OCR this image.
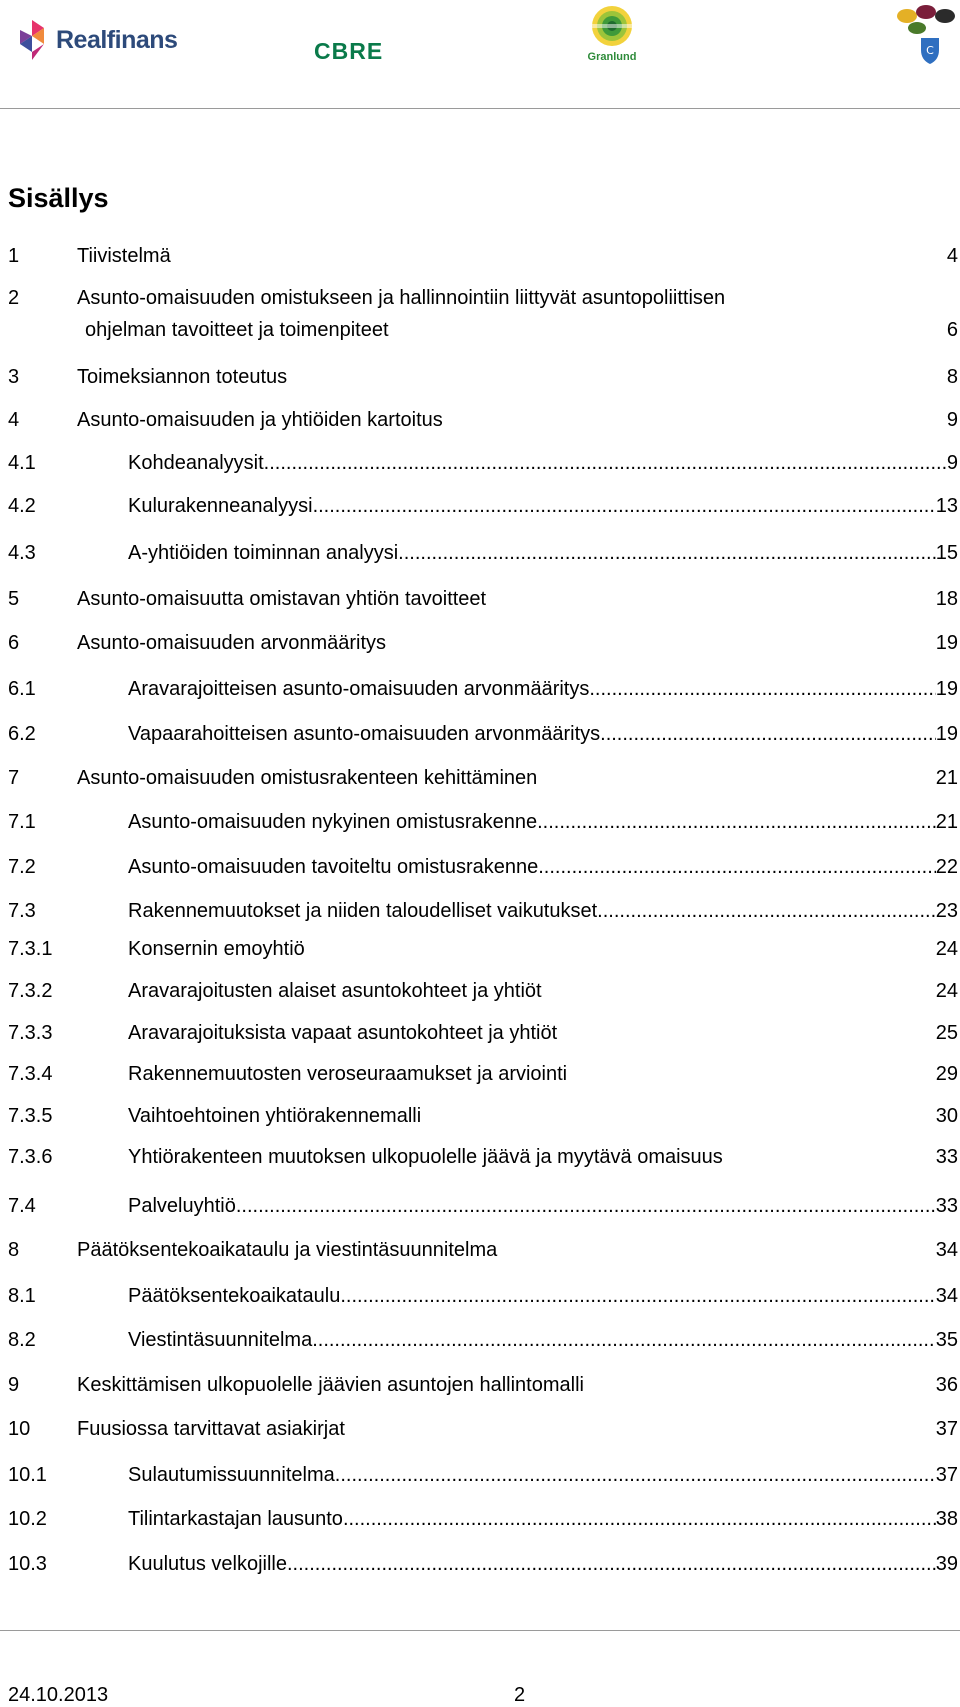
Realfinans	CBRE	Granlund	C
Sisällys
1	Tiivistelmä	4
2	Asunto-omaisuuden omistukseen ja hallinnointiin liittyvät asuntopoliittisen
ohjelman tavoitteet ja toimenpiteet	6
3	Toimeksiannon toteutus	8
4	Asunto-omaisuuden ja yhtiöiden kartoitus	9
4.1	Kohdeanalyysit .....	9
4.2	Kulurakenneanalyysi .....	13
4.3	A-yhtiöiden toiminnan analyysi .....	15
5	Asunto-omaisuutta omistavan yhtiön tavoitteet	18
6	Asunto-omaisuuden arvonmääritys	19
6.1	Aravarajoitteisen asunto-omaisuuden arvonmääritys .....	19
6.2	Vapaarahoitteisen asunto-omaisuuden arvonmääritys .....	19
7	Asunto-omaisuuden omistusrakenteen kehittäminen	21
7.1	Asunto-omaisuuden nykyinen omistusrakenne .....	21
7.2	Asunto-omaisuuden tavoiteltu omistusrakenne .....	22
7.3	Rakennemuutokset ja niiden taloudelliset vaikutukset .....	23
7.3.1	Konsernin emoyhtiö	24
7.3.2	Aravarajoitusten alaiset asuntokohteet ja yhtiöt	24
7.3.3	Aravarajoituksista vapaat asuntokohteet ja yhtiöt	25
7.3.4	Rakennemuutosten veroseuraamukset ja arviointi	29
7.3.5	Vaihtoehtoinen yhtiörakennemalli	30
7.3.6	Yhtiörakenteen muutoksen ulkopuolelle jäävä ja myytävä omaisuus	33
7.4	Palveluyhtiö .....	33
8	Päätöksentekoaikataulu ja viestintäsuunnitelma	34
8.1	Päätöksentekoaikataulu .....	34
8.2	Viestintäsuunnitelma .....	35
9	Keskittämisen ulkopuolelle jäävien asuntojen hallintomalli	36
10 Fuusiossa tarvittavat asiakirjat	37
10.1	Sulautumissuunnitelma .....	37
10.2	Tilintarkastajan lausunto .....	38
10.3	Kuulutus velkojille .....	39
24.10.2013	2
